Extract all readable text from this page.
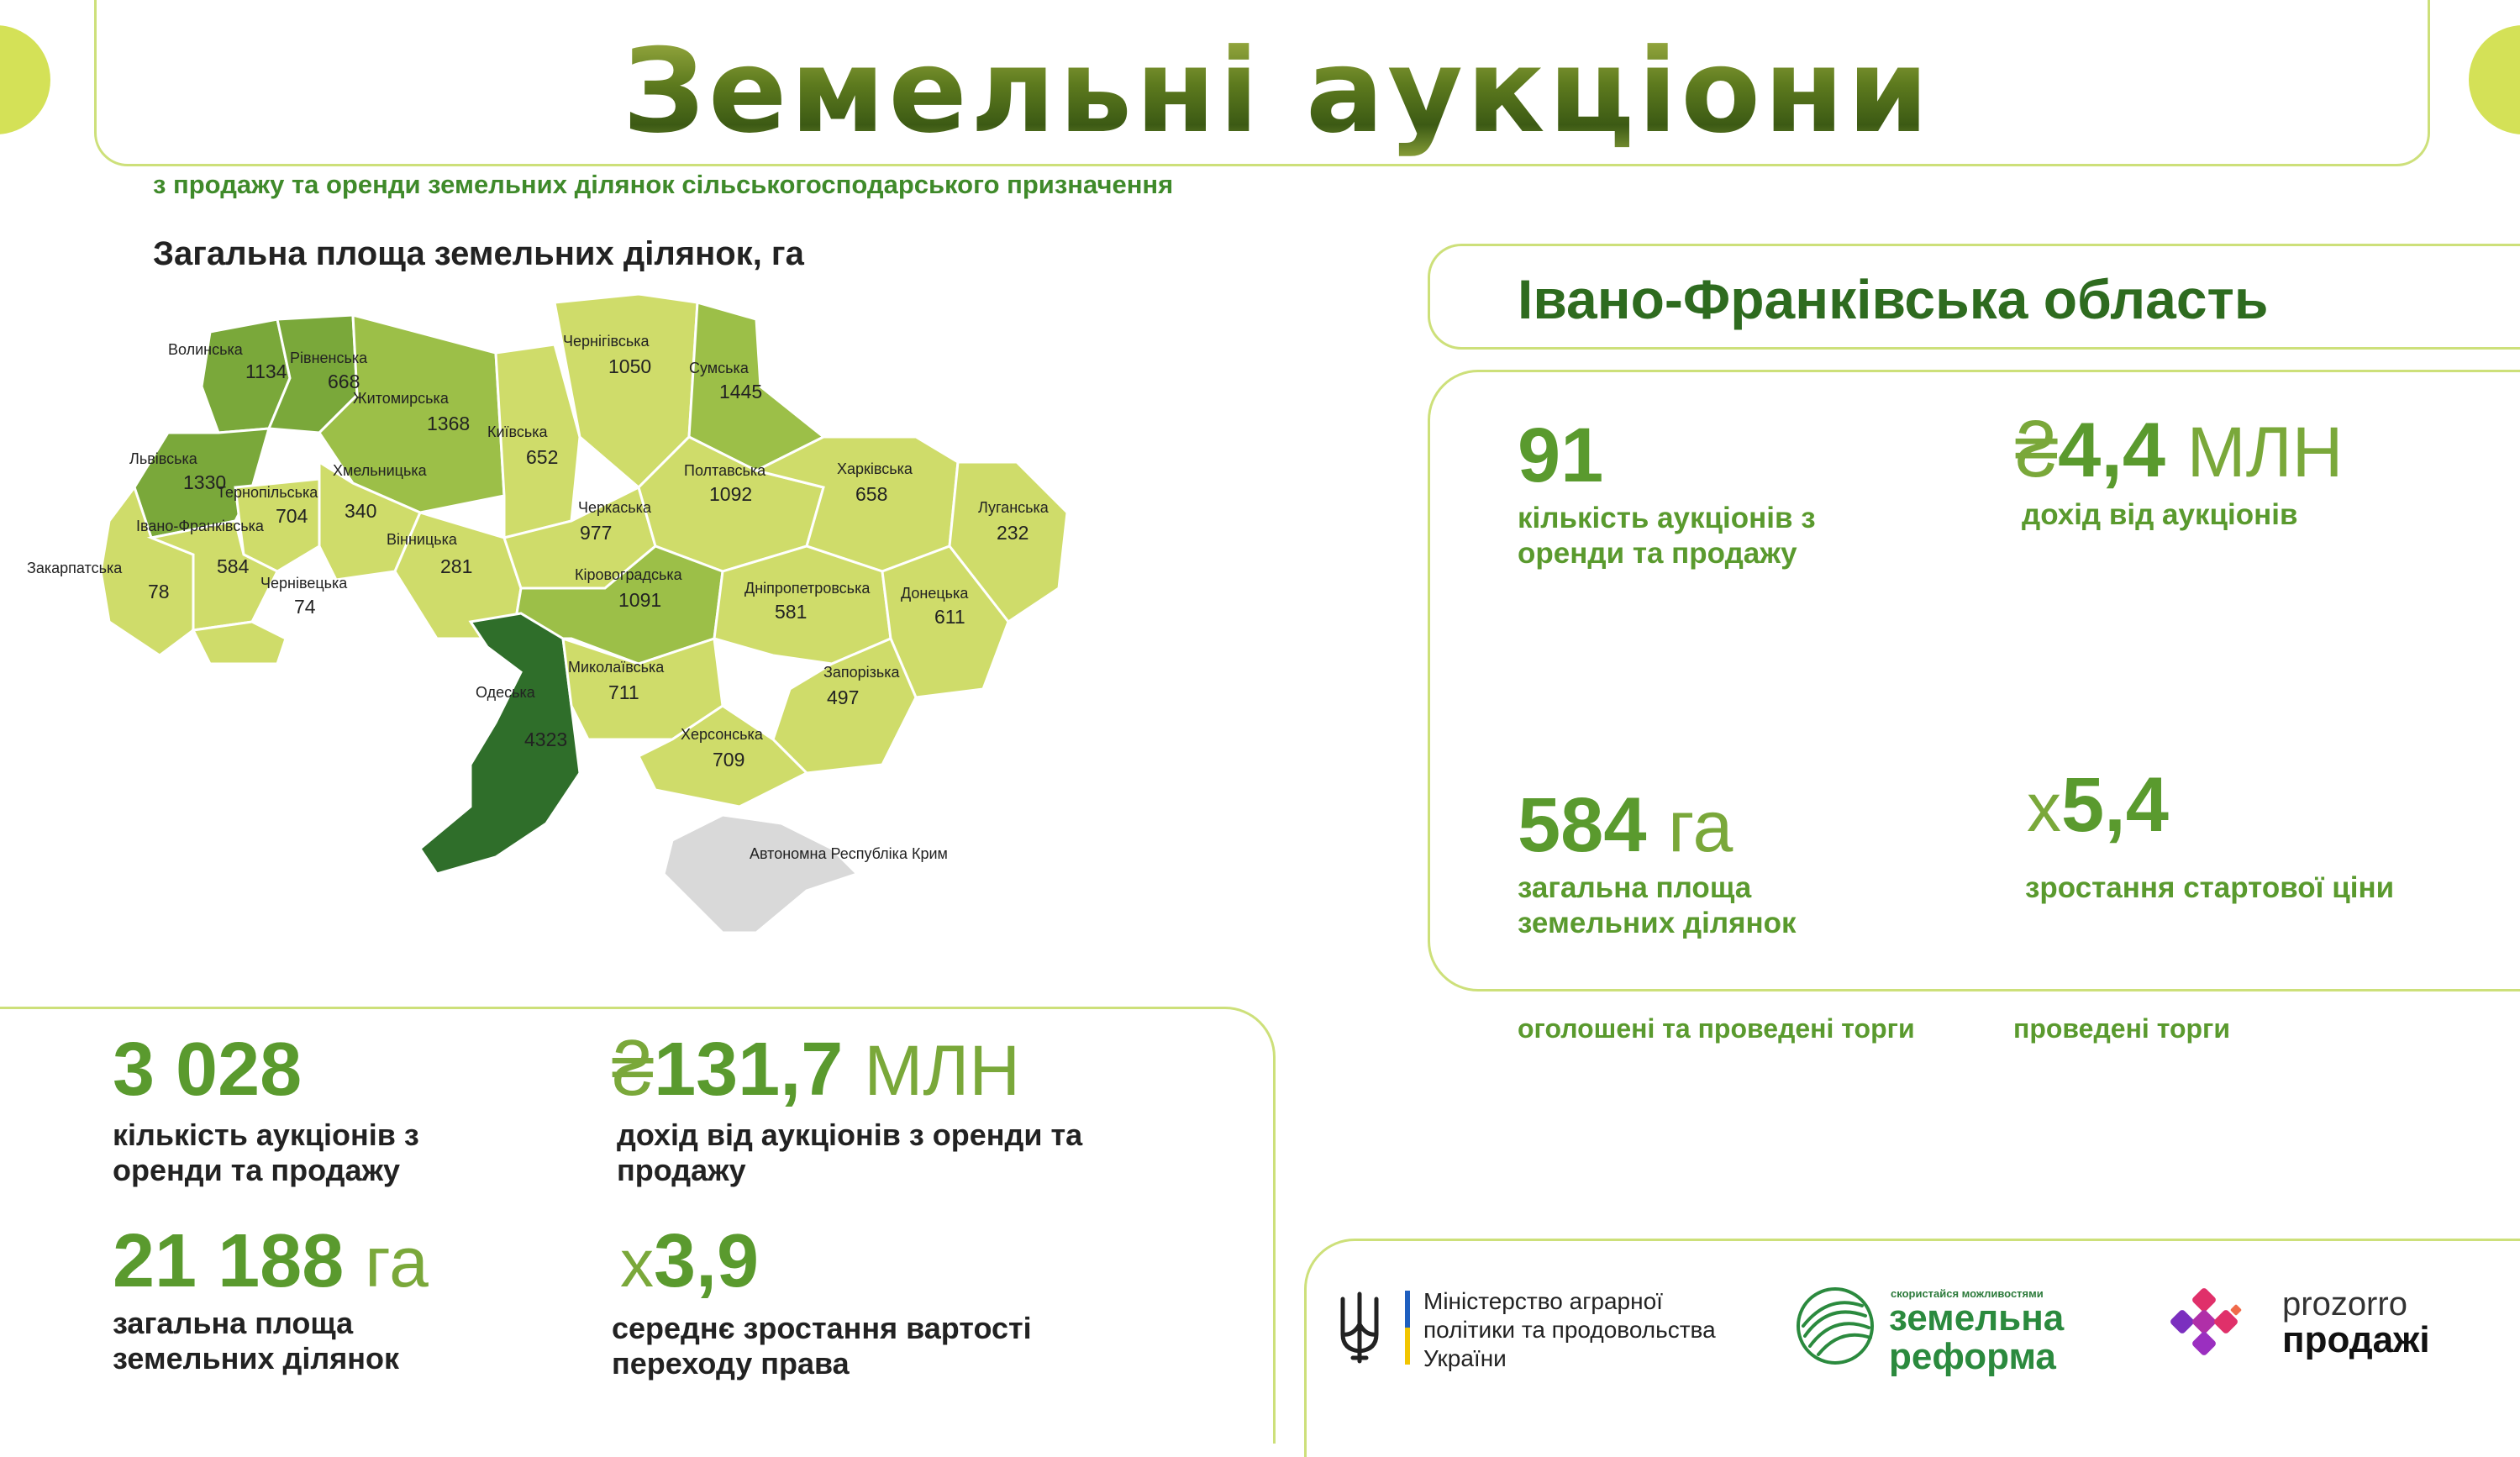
Земельні аукціони
з продажу та оренди земельних ділянок сільськогосподарського призначення
Загальна площа земельних ділянок, га
Волинська
1134
Рівненська
668
Житомирська
1368 Київська
652
Чернігівська
1050 Сумська
1445
Львівська
1330
Тернопільська
704
Хмельницька
340
Вінницька
281
Черкаська
977
Полтавська
1092
Харківська
658
Луганська
232
Закарпатська
78
Івано-Франківська
584
Чернівецька
74
Кіровоградська
1091
Дніпропетровська
581
Донецька
611
Одеська
4323
Миколаївська
711
Запорізька
497
Херсонська
709
Автономна Республіка Крим
Івано-Франківська область
91
кількість аукціонів з оренди та продажу
₴4,4 МЛН
дохід від аукціонів
584 га
загальна площа земельних ділянок
х5,4
зростання стартової ціни
оголошені та проведені торги	проведені торги
3 028
кількість аукціонів з оренди та продажу
₴131,7 МЛН
дохід від аукціонів з оренди та продажу
21 188 га
загальна площа земельних ділянок
х3,9
середнє зростання вартості переходу права
Міністерство аграрної політики та продовольства України
скористайся можливостями
земельна реформа
prozorro
продажі
